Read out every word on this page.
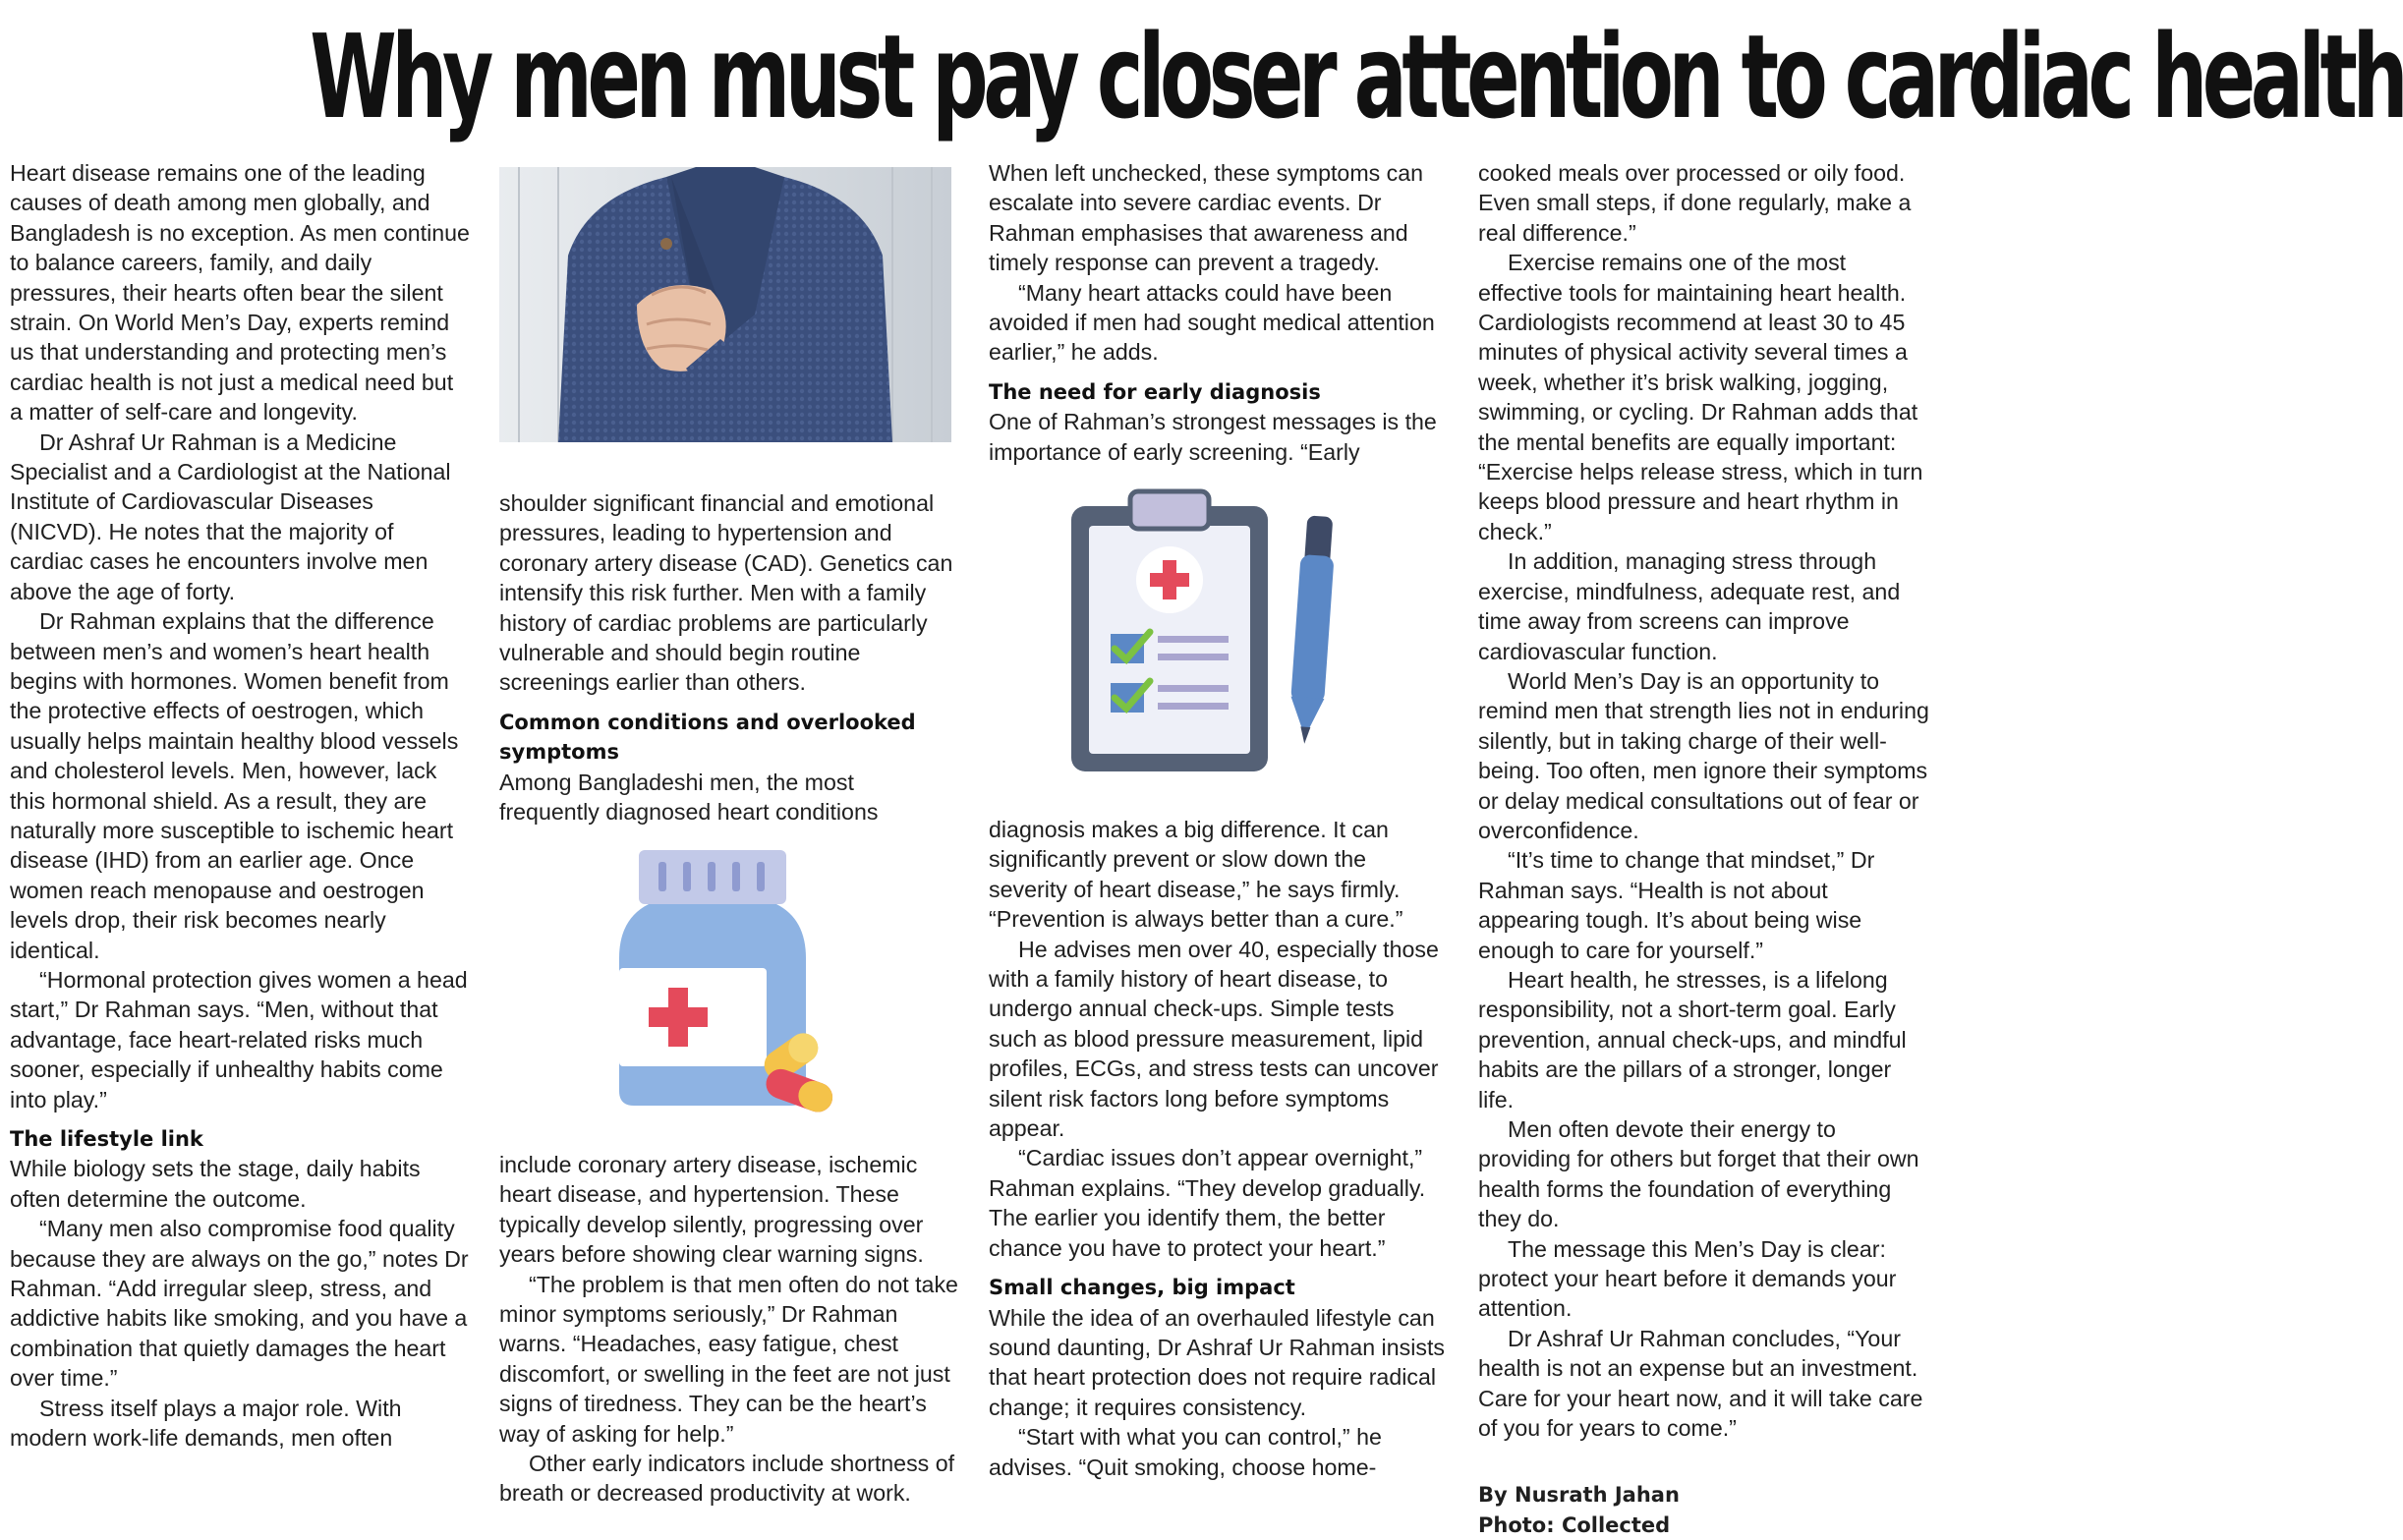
Why men must pay closer attention to cardiac health

Heart disease remains one of the leading causes of death among men globally, and Bangladesh is no exception. As men continue to balance careers, family, and daily pressures, their hearts often bear the silent strain. On World Men’s Day, experts remind us that understanding and protecting men’s cardiac health is not just a medical need but a matter of self-care and longevity.

Dr Ashraf Ur Rahman is a Medicine Specialist and a Cardiologist at the National Institute of Cardiovascular Diseases (NICVD). He notes that the majority of cardiac cases he encounters involve men above the age of forty.

Dr Rahman explains that the difference between men’s and women’s heart health begins with hormones. Women benefit from the protective effects of oestrogen, which usually helps maintain healthy blood vessels and cholesterol levels. Men, however, lack this hormonal shield. As a result, they are naturally more susceptible to ischemic heart disease (IHD) from an earlier age. Once women reach menopause and oestrogen levels drop, their risk becomes nearly identical.

“Hormonal protection gives women a head start,” Dr Rahman says. “Men, without that advantage, face heart-related risks much sooner, especially if unhealthy habits come into play.”

The lifestyle link

While biology sets the stage, daily habits often determine the outcome.

“Many men also compromise food quality because they are always on the go,” notes Dr Rahman. “Add irregular sleep, stress, and addictive habits like smoking, and you have a combination that quietly damages the heart over time.”

Stress itself plays a major role. With modern work-life demands, men often

shoulder significant financial and emotional pressures, leading to hypertension and coronary artery disease (CAD). Genetics can intensify this risk further. Men with a family history of cardiac problems are particularly vulnerable and should begin routine screenings earlier than others.

Common conditions and overlooked symptoms

Among Bangladeshi men, the most frequently diagnosed heart conditions

include coronary artery disease, ischemic heart disease, and hypertension. These typically develop silently, progressing over years before showing clear warning signs.

“The problem is that men often do not take minor symptoms seriously,” Dr Rahman warns. “Headaches, easy fatigue, chest discomfort, or swelling in the feet are not just signs of tiredness. They can be the heart’s way of asking for help.”

Other early indicators include shortness of breath or decreased productivity at work.

When left unchecked, these symptoms can escalate into severe cardiac events. Dr Rahman emphasises that awareness and timely response can prevent a tragedy.

“Many heart attacks could have been avoided if men had sought medical attention earlier,” he adds.

The need for early diagnosis

One of Rahman’s strongest messages is the importance of early screening. “Early

diagnosis makes a big difference. It can significantly prevent or slow down the severity of heart disease,” he says firmly. “Prevention is always better than a cure.”

He advises men over 40, especially those with a family history of heart disease, to undergo annual check-ups. Simple tests such as blood pressure measurement, lipid profiles, ECGs, and stress tests can uncover silent risk factors long before symptoms appear.

“Cardiac issues don’t appear overnight,” Rahman explains. “They develop gradually. The earlier you identify them, the better chance you have to protect your heart.”

Small changes, big impact

While the idea of an overhauled lifestyle can sound daunting, Dr Ashraf Ur Rahman insists that heart protection does not require radical change; it requires consistency.

“Start with what you can control,” he advises. “Quit smoking, choose home-

cooked meals over processed or oily food. Even small steps, if done regularly, make a real difference.”

Exercise remains one of the most effective tools for maintaining heart health. Cardiologists recommend at least 30 to 45 minutes of physical activity several times a week, whether it’s brisk walking, jogging, swimming, or cycling. Dr Rahman adds that the mental benefits are equally important: “Exercise helps release stress, which in turn keeps blood pressure and heart rhythm in check.”

In addition, managing stress through exercise, mindfulness, adequate rest, and time away from screens can improve cardiovascular function.

World Men’s Day is an opportunity to remind men that strength lies not in enduring silently, but in taking charge of their well-being. Too often, men ignore their symptoms or delay medical consultations out of fear or overconfidence.

“It’s time to change that mindset,” Dr Rahman says. “Health is not about appearing tough. It’s about being wise enough to care for yourself.”

Heart health, he stresses, is a lifelong responsibility, not a short-term goal. Early prevention, annual check-ups, and mindful habits are the pillars of a stronger, longer life.

Men often devote their energy to providing for others but forget that their own health forms the foundation of everything they do.

The message this Men’s Day is clear: protect your heart before it demands your attention.

Dr Ashraf Ur Rahman concludes, “Your health is not an expense but an investment. Care for your heart now, and it will take care of you for years to come.”

By Nusrath Jahan
Photo: Collected
